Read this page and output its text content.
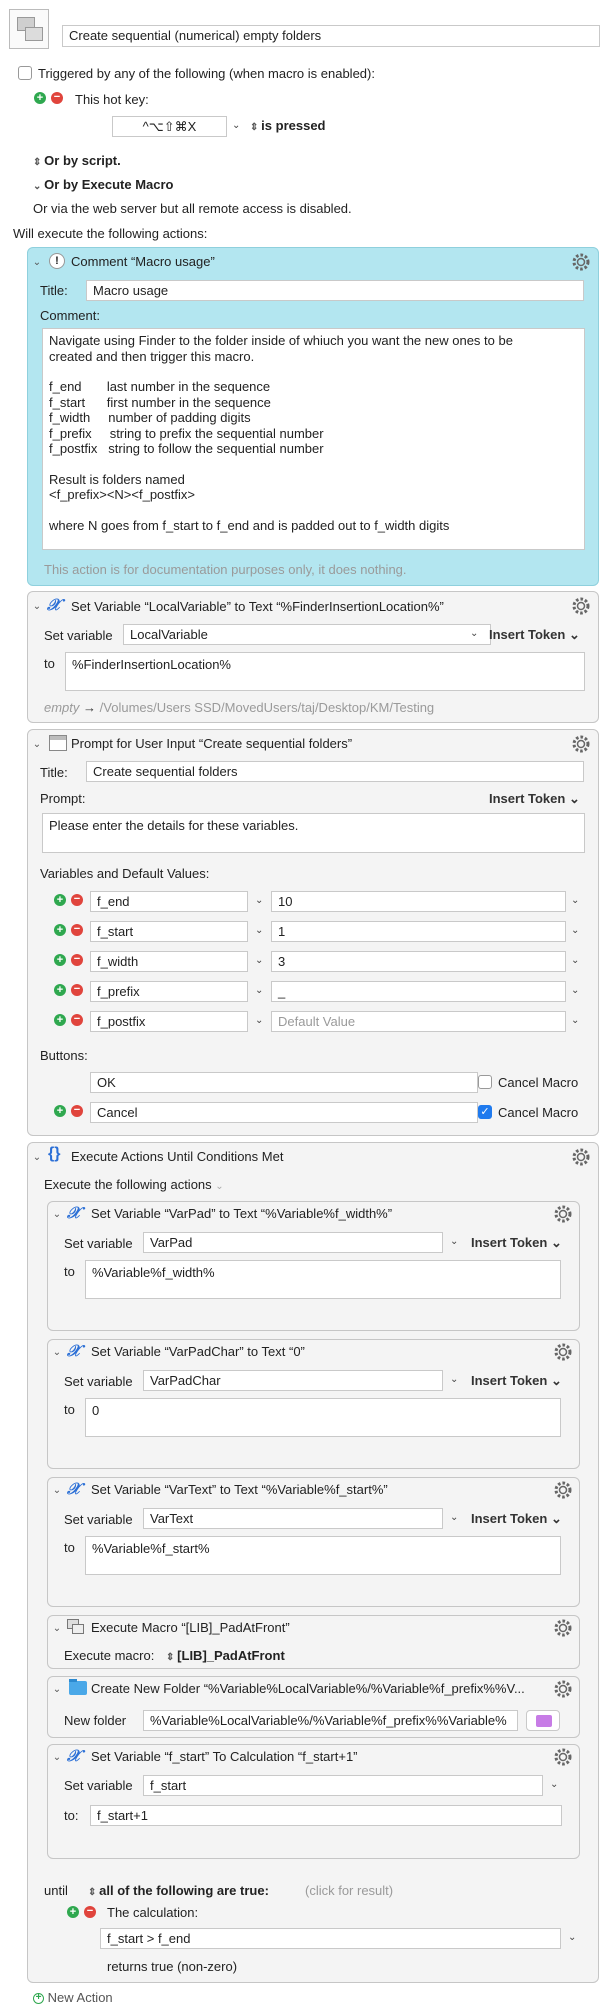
Create sequential (numerical) empty folders
Triggered by any of the following (when macro is enabled):
+ − This hot key:
^⌥⇧⌘X	⌄ ⇕ is pressed
⇕ Or by script.
⌄ Or by Execute Macro
Or via the web server but all remote access is disabled.
Will execute the following actions:
⌄	! Comment “Macro usage”
Title:	Macro usage
Comment:
Navigate using Finder to the folder inside of whiuch you want the new ones to be
created and then trigger this macro.
f_end       last number in the sequence
f_start      first number in the sequence
f_width     number of padding digits
f_prefix     string to prefix the sequential number
f_postfix   string to follow the sequential number
Result is folders named
<f_prefix><N><f_postfix>
where N goes from f_start to f_end and is padded out to f_width digits
This action is for documentation purposes only, it does nothing.
⌄ 𝒳 Set Variable “LocalVariable” to Text “%FinderInsertionLocation%”
Set variable	LocalVariable	⌄ Insert Token ⌄
to	%FinderInsertionLocation%
empty → /Volumes/Users SSD/MovedUsers/taj/Desktop/KM/Testing
⌄ Prompt for User Input “Create sequential folders”
Title:	Create sequential folders
Prompt:	Insert Token ⌄
Please enter the details for these variables.
Variables and Default Values:
+ −	f_end	⌄	10	⌄
+ −	f_start	⌄	1	⌄
+ −	f_width	⌄	3	⌄
+ −	f_prefix	⌄	_	⌄
+ −	f_postfix	⌄	Default Value	⌄
Buttons:
OK	Cancel Macro
+ −	Cancel	✓ Cancel Macro
⌄ {} Execute Actions Until Conditions Met
Execute the following actions ⌄
⌄ 𝒳 Set Variable “VarPad” to Text “%Variable%f_width%”
Set variable	VarPad	⌄ Insert Token ⌄
to	%Variable%f_width%
⌄ 𝒳 Set Variable “VarPadChar” to Text “0”
Set variable	VarPadChar	⌄ Insert Token ⌄
to	0
⌄ 𝒳 Set Variable “VarText” to Text “%Variable%f_start%”
Set variable	VarText	⌄ Insert Token ⌄
to	%Variable%f_start%
⌄ Execute Macro “[LIB]_PadAtFront”
Execute macro: ⇕ [LIB]_PadAtFront
⌄ Create New Folder “%Variable%LocalVariable%/%Variable%f_prefix%%V...
New folder	%Variable%LocalVariable%/%Variable%f_prefix%%Variable%
⌄ 𝒳 Set Variable “f_start” To Calculation “f_start+1”
Set variable	f_start	⌄
to:	f_start+1
until ⇕ all of the following are true:	(click for result)
+ − The calculation:
f_start > f_end	⌄
returns true (non-zero)
+ New Action
